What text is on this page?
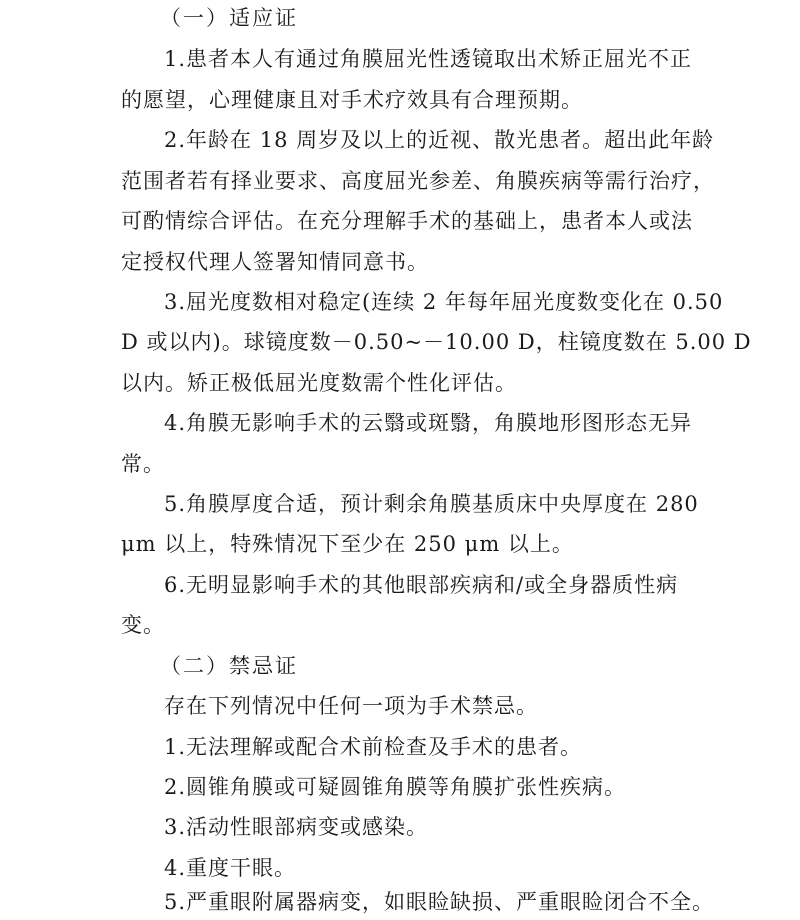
（一）适应证
1.患者本人有通过角膜屈光性透镜取出术矫正屈光不正
的愿望，心理健康且对手术疗效具有合理预期。
2.年龄在 18 周岁及以上的近视、散光患者。超出此年龄
范围者若有择业要求、高度屈光参差、角膜疾病等需行治疗，
可酌情综合评估。在充分理解手术的基础上，患者本人或法
定授权代理人签署知情同意书。
3.屈光度数相对稳定(连续 2 年每年屈光度数变化在 0.50
D 或以内)。球镜度数－0.50~－10.00 D，柱镜度数在 5.00 D
以内。矫正极低屈光度数需个性化评估。
4.角膜无影响手术的云翳或斑翳，角膜地形图形态无异
常。
5.角膜厚度合适，预计剩余角膜基质床中央厚度在 280
μm 以上，特殊情况下至少在 250 μm 以上。
6.无明显影响手术的其他眼部疾病和/或全身器质性病
变。
（二）禁忌证
存在下列情况中任何一项为手术禁忌。
1.无法理解或配合术前检查及手术的患者。
2.圆锥角膜或可疑圆锥角膜等角膜扩张性疾病。
3.活动性眼部病变或感染。
4.重度干眼。
5.严重眼附属器病变，如眼睑缺损、严重眼睑闭合不全。
